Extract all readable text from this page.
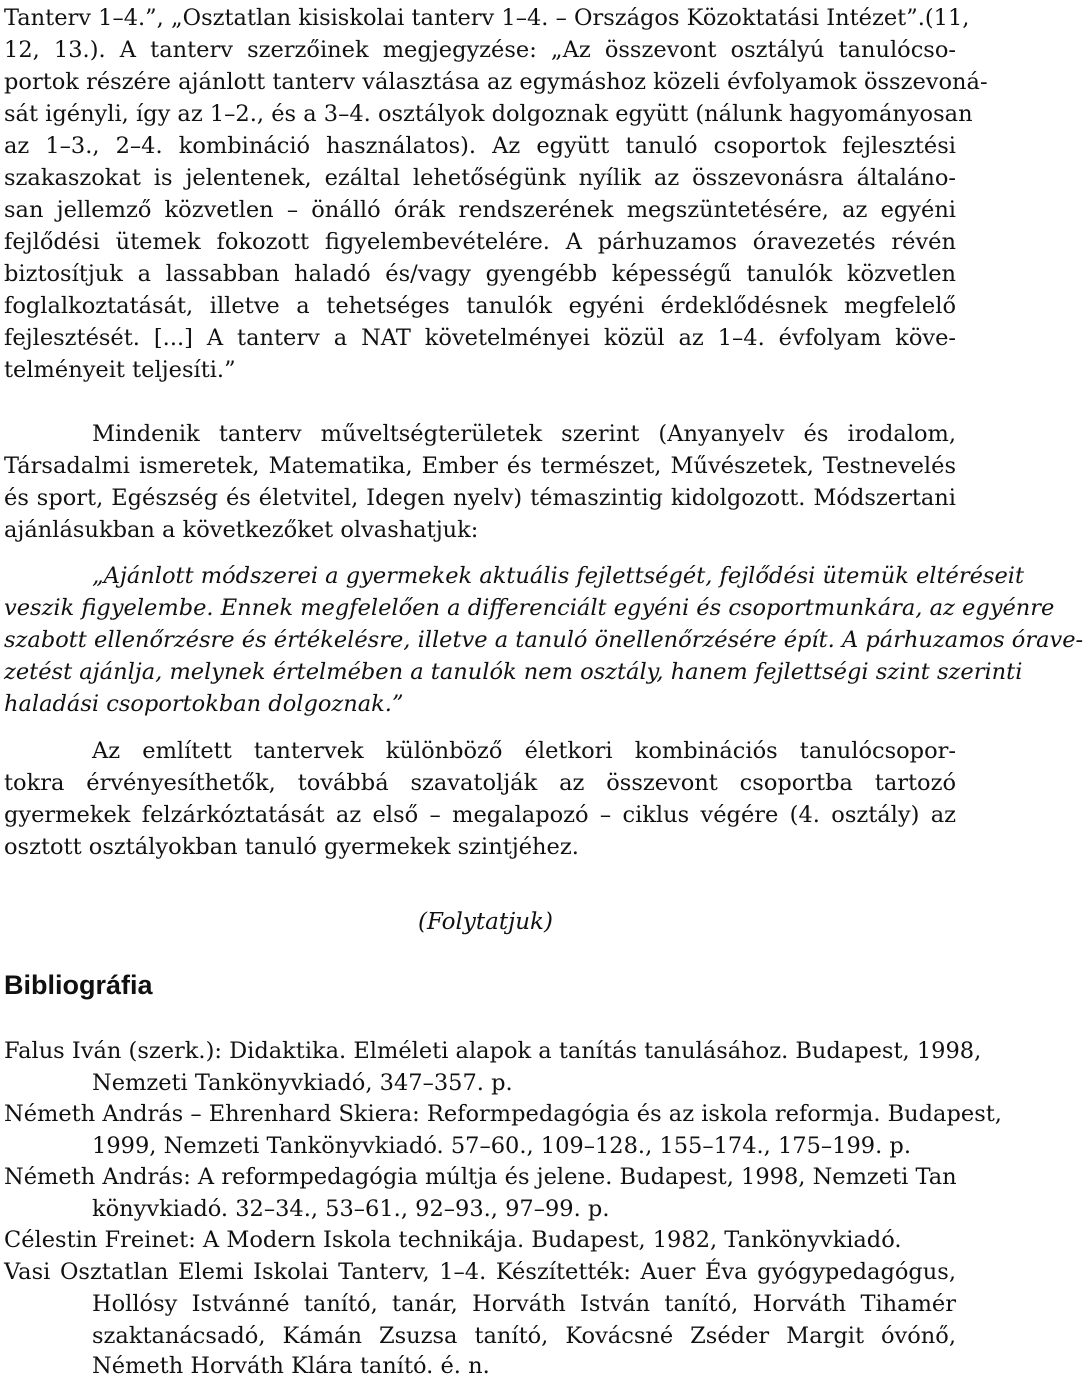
Tanterv 1–4.”, „Osztatlan kisiskolai tanterv 1–4. – Országos Közoktatási Intézet”.(11,
12, 13.). A tanterv szerzőinek megjegyzése: „Az összevont osztályú tanulócso-
portok részére ajánlott tanterv választása az egymáshoz közeli évfolyamok összevoná-
sát igényli, így az 1–2., és a 3–4. osztályok dolgoznak együtt (nálunk hagyományosan
az 1–3., 2–4. kombináció használatos). Az együtt tanuló csoportok fejlesztési
szakaszokat is jelentenek, ezáltal lehetőségünk nyílik az összevonásra általáno-
san jellemző közvetlen – önálló órák rendszerének megszüntetésére, az egyéni
fejlődési ütemek fokozott figyelembevételére. A párhuzamos óravezetés révén
biztosítjuk a lassabban haladó és/vagy gyengébb képességű tanulók közvetlen
foglalkoztatását, illetve a tehetséges tanulók egyéni érdeklődésnek megfelelő
fejlesztését. [...] A tanterv a NAT követelményei közül az 1–4. évfolyam köve-
telményeit teljesíti.”
Mindenik tanterv műveltségterületek szerint (Anyanyelv és irodalom,
Társadalmi ismeretek, Matematika, Ember és természet, Művészetek, Testnevelés
és sport, Egészség és életvitel, Idegen nyelv) témaszintig kidolgozott. Módszertani
ajánlásukban a következőket olvashatjuk:
„Ajánlott módszerei a gyermekek aktuális fejlettségét, fejlődési ütemük eltéréseit
veszik figyelembe. Ennek megfelelően a differenciált egyéni és csoportmunkára, az egyénre
szabott ellenőrzésre és értékelésre, illetve a tanuló önellenőrzésére épít. A párhuzamos órave-
zetést ajánlja, melynek értelmében a tanulók nem osztály, hanem fejlettségi szint szerinti
haladási csoportokban dolgoznak.”
Az említett tantervek különböző életkori kombinációs tanulócsopor-
tokra érvényesíthetők, továbbá szavatolják az összevont csoportba tartozó
gyermekek felzárkóztatását az első – megalapozó – ciklus végére (4. osztály) az
osztott osztályokban tanuló gyermekek szintjéhez.
(Folytatjuk)
Bibliográfia
Falus Iván (szerk.): Didaktika. Elméleti alapok a tanítás tanulásához. Budapest, 1998,
Nemzeti Tankönyvkiadó, 347–357. p.
Németh András – Ehrenhard Skiera: Reformpedagógia és az iskola reformja. Budapest,
1999, Nemzeti Tankönyvkiadó. 57–60., 109–128., 155–174., 175–199. p.
Németh András: A reformpedagógia múltja és jelene. Budapest, 1998, Nemzeti Tan
könyvkiadó. 32–34., 53–61., 92–93., 97–99. p.
Célestin Freinet: A Modern Iskola technikája. Budapest, 1982, Tankönyvkiadó.
Vasi Osztatlan Elemi Iskolai Tanterv, 1–4. Készítették: Auer Éva gyógypedagógus,
Hollósy Istvánné tanító, tanár, Horváth István tanító, Horváth Tihamér
szaktanácsadó, Kámán Zsuzsa tanító, Kovácsné Zséder Margit óvónő,
Németh Horváth Klára tanító. é. n.
